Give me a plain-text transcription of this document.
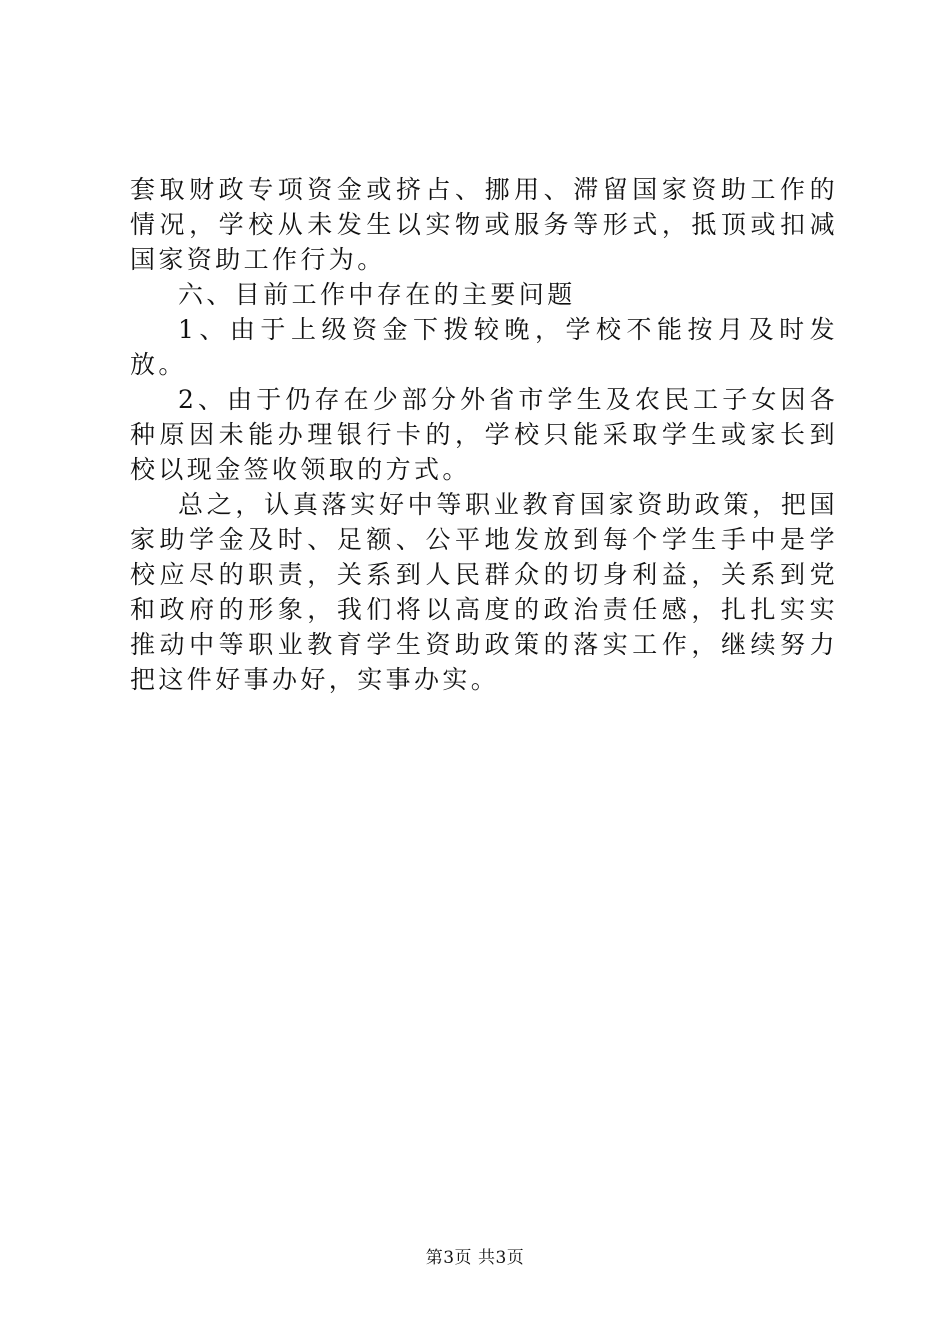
套取财政专项资金或挤占、挪用、滞留国家资助工作的情况，学校从未发生以实物或服务等形式，抵顶或扣减国家资助工作行为。

六、目前工作中存在的主要问题

1、由于上级资金下拨较晚，学校不能按月及时发放。

2、由于仍存在少部分外省市学生及农民工子女因各种原因未能办理银行卡的，学校只能采取学生或家长到校以现金签收领取的方式。

总之，认真落实好中等职业教育国家资助政策，把国家助学金及时、足额、公平地发放到每个学生手中是学校应尽的职责，关系到人民群众的切身利益，关系到党和政府的形象，我们将以高度的政治责任感，扎扎实实推动中等职业教育学生资助政策的落实工作，继续努力把这件好事办好，实事办实。

第3页 共3页
